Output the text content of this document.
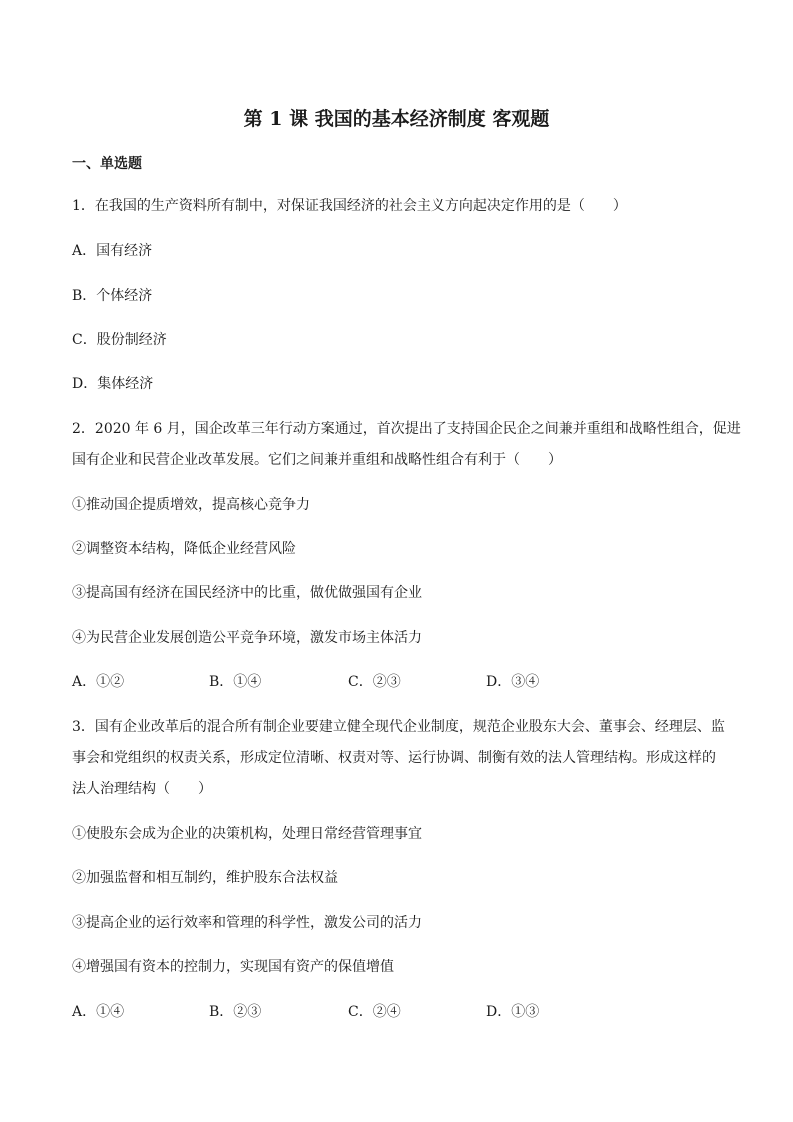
第 1 课 我国的基本经济制度 客观题
一、单选题
1．在我国的生产资料所有制中，对保证我国经济的社会主义方向起决定作用的是（　　）
A．国有经济
B．个体经济
C．股份制经济
D．集体经济
2．2020 年 6 月，国企改革三年行动方案通过，首次提出了支持国企民企之间兼并重组和战略性组合，促进
国有企业和民营企业改革发展。它们之间兼并重组和战略性组合有利于（　　）
①推动国企提质增效，提高核心竞争力
②调整资本结构，降低企业经营风险
③提高国有经济在国民经济中的比重，做优做强国有企业
④为民营企业发展创造公平竞争环境，激发市场主体活力
A．①②	B．①④	C．②③	D．③④
3．国有企业改革后的混合所有制企业要建立健全现代企业制度，规范企业股东大会、董事会、经理层、监
事会和党组织的权责关系，形成定位清晰、权责对等、运行协调、制衡有效的法人管理结构。形成这样的
法人治理结构（　　）
①使股东会成为企业的决策机构，处理日常经营管理事宜
②加强监督和相互制约，维护股东合法权益
③提高企业的运行效率和管理的科学性，激发公司的活力
④增强国有资本的控制力，实现国有资产的保值增值
A．①④	B．②③	C．②④	D．①③
